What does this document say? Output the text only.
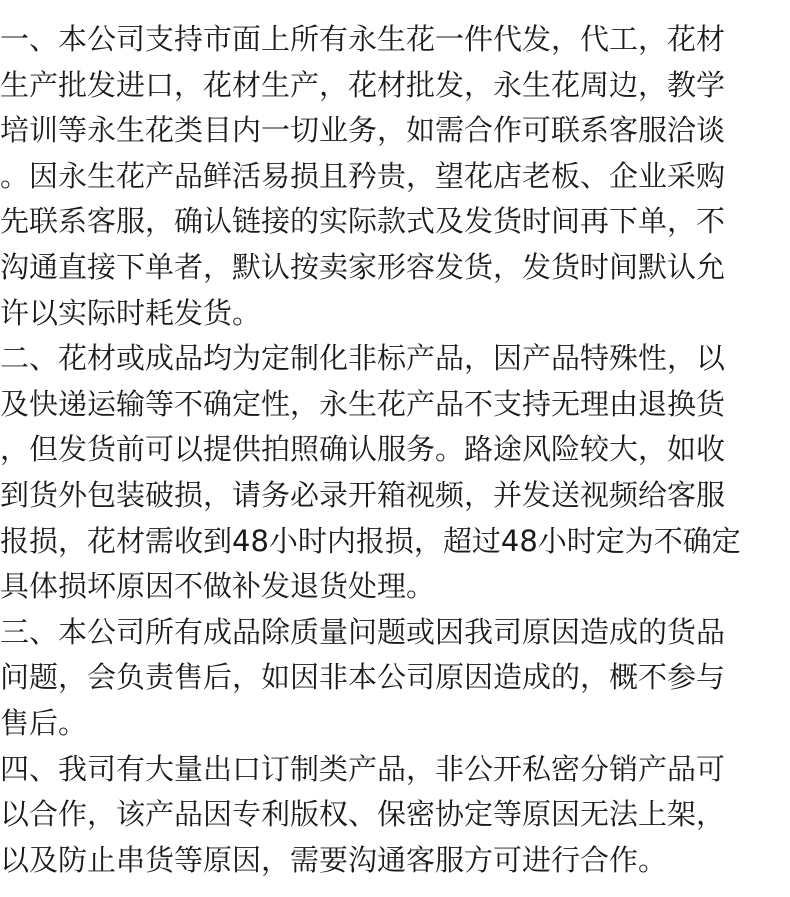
一、本公司支持市面上所有永生花一件代发，代工，花材
生产批发进口，花材生产，花材批发，永生花周边，教学
培训等永生花类目内一切业务，如需合作可联系客服洽谈
。因永生花产品鲜活易损且矜贵，望花店老板、企业采购
先联系客服，确认链接的实际款式及发货时间再下单，不
沟通直接下单者，默认按卖家形容发货，发货时间默认允
许以实际时耗发货。
二、花材或成品均为定制化非标产品，因产品特殊性，以
及快递运输等不确定性，永生花产品不支持无理由退换货
，但发货前可以提供拍照确认服务。路途风险较大，如收
到货外包装破损，请务必录开箱视频，并发送视频给客服
报损，花材需收到48小时内报损，超过48小时定为不确定
具体损坏原因不做补发退货处理。
三、本公司所有成品除质量问题或因我司原因造成的货品
问题，会负责售后，如因非本公司原因造成的，概不参与
售后。
四、我司有大量出口订制类产品，非公开私密分销产品可
以合作，该产品因专利版权、保密协定等原因无法上架，
以及防止串货等原因，需要沟通客服方可进行合作。
